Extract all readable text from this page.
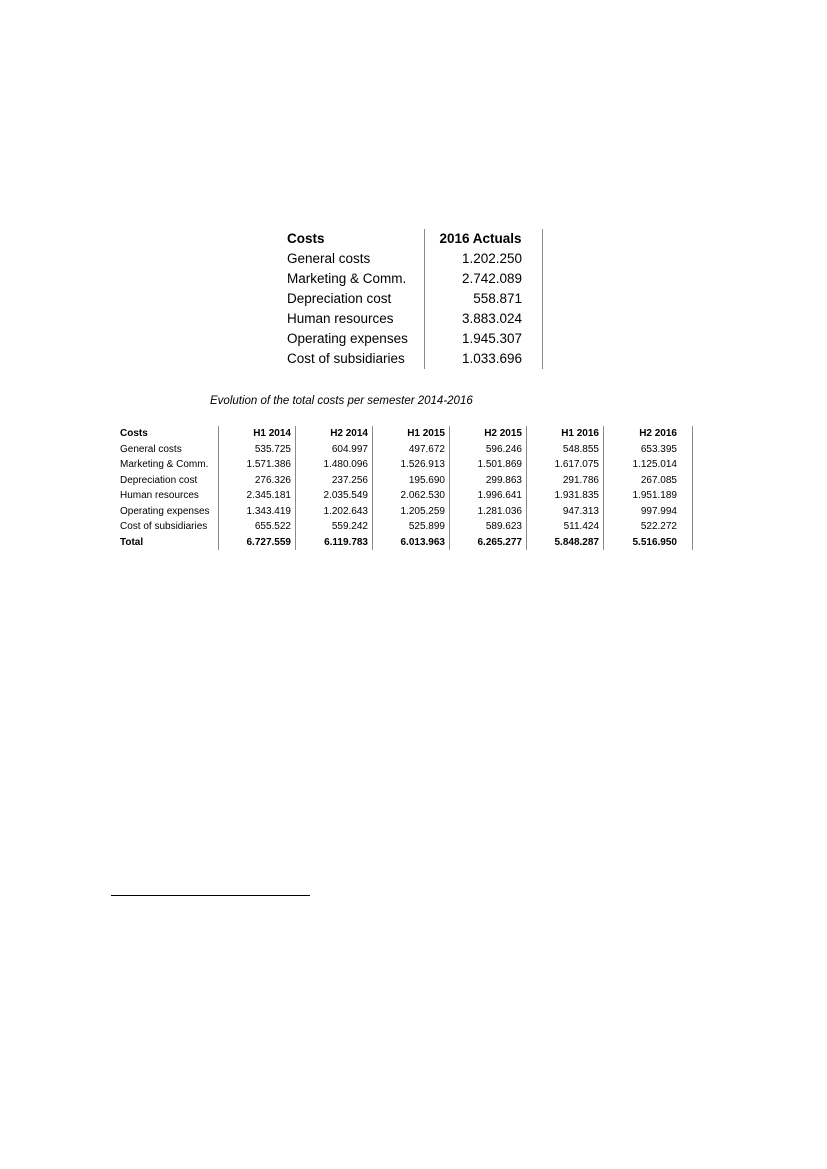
Costs	2016 Actuals
General costs	1.202.250
Marketing & Comm.	2.742.089
Depreciation cost	558.871
Human resources	3.883.024
Operating expenses	1.945.307
Cost of subsidiaries	1.033.696
Evolution of the total costs per semester 2014-2016
Costs	H1 2014	H2 2014	H1 2015	H2 2015	H1 2016	H2 2016
General costs	535.725	604.997	497.672	596.246	548.855	653.395
Marketing & Comm.	1.571.386	1.480.096	1.526.913	1.501.869	1.617.075	1.125.014
Depreciation cost	276.326	237.256	195.690	299.863	291.786	267.085
Human resources	2.345.181	2.035.549	2.062.530	1.996.641	1.931.835	1.951.189
Operating expenses	1.343.419	1.202.643	1.205.259	1.281.036	947.313	997.994
Cost of subsidiaries	655.522	559.242	525.899	589.623	511.424	522.272
Total	6.727.559	6.119.783	6.013.963	6.265.277	5.848.287	5.516.950
